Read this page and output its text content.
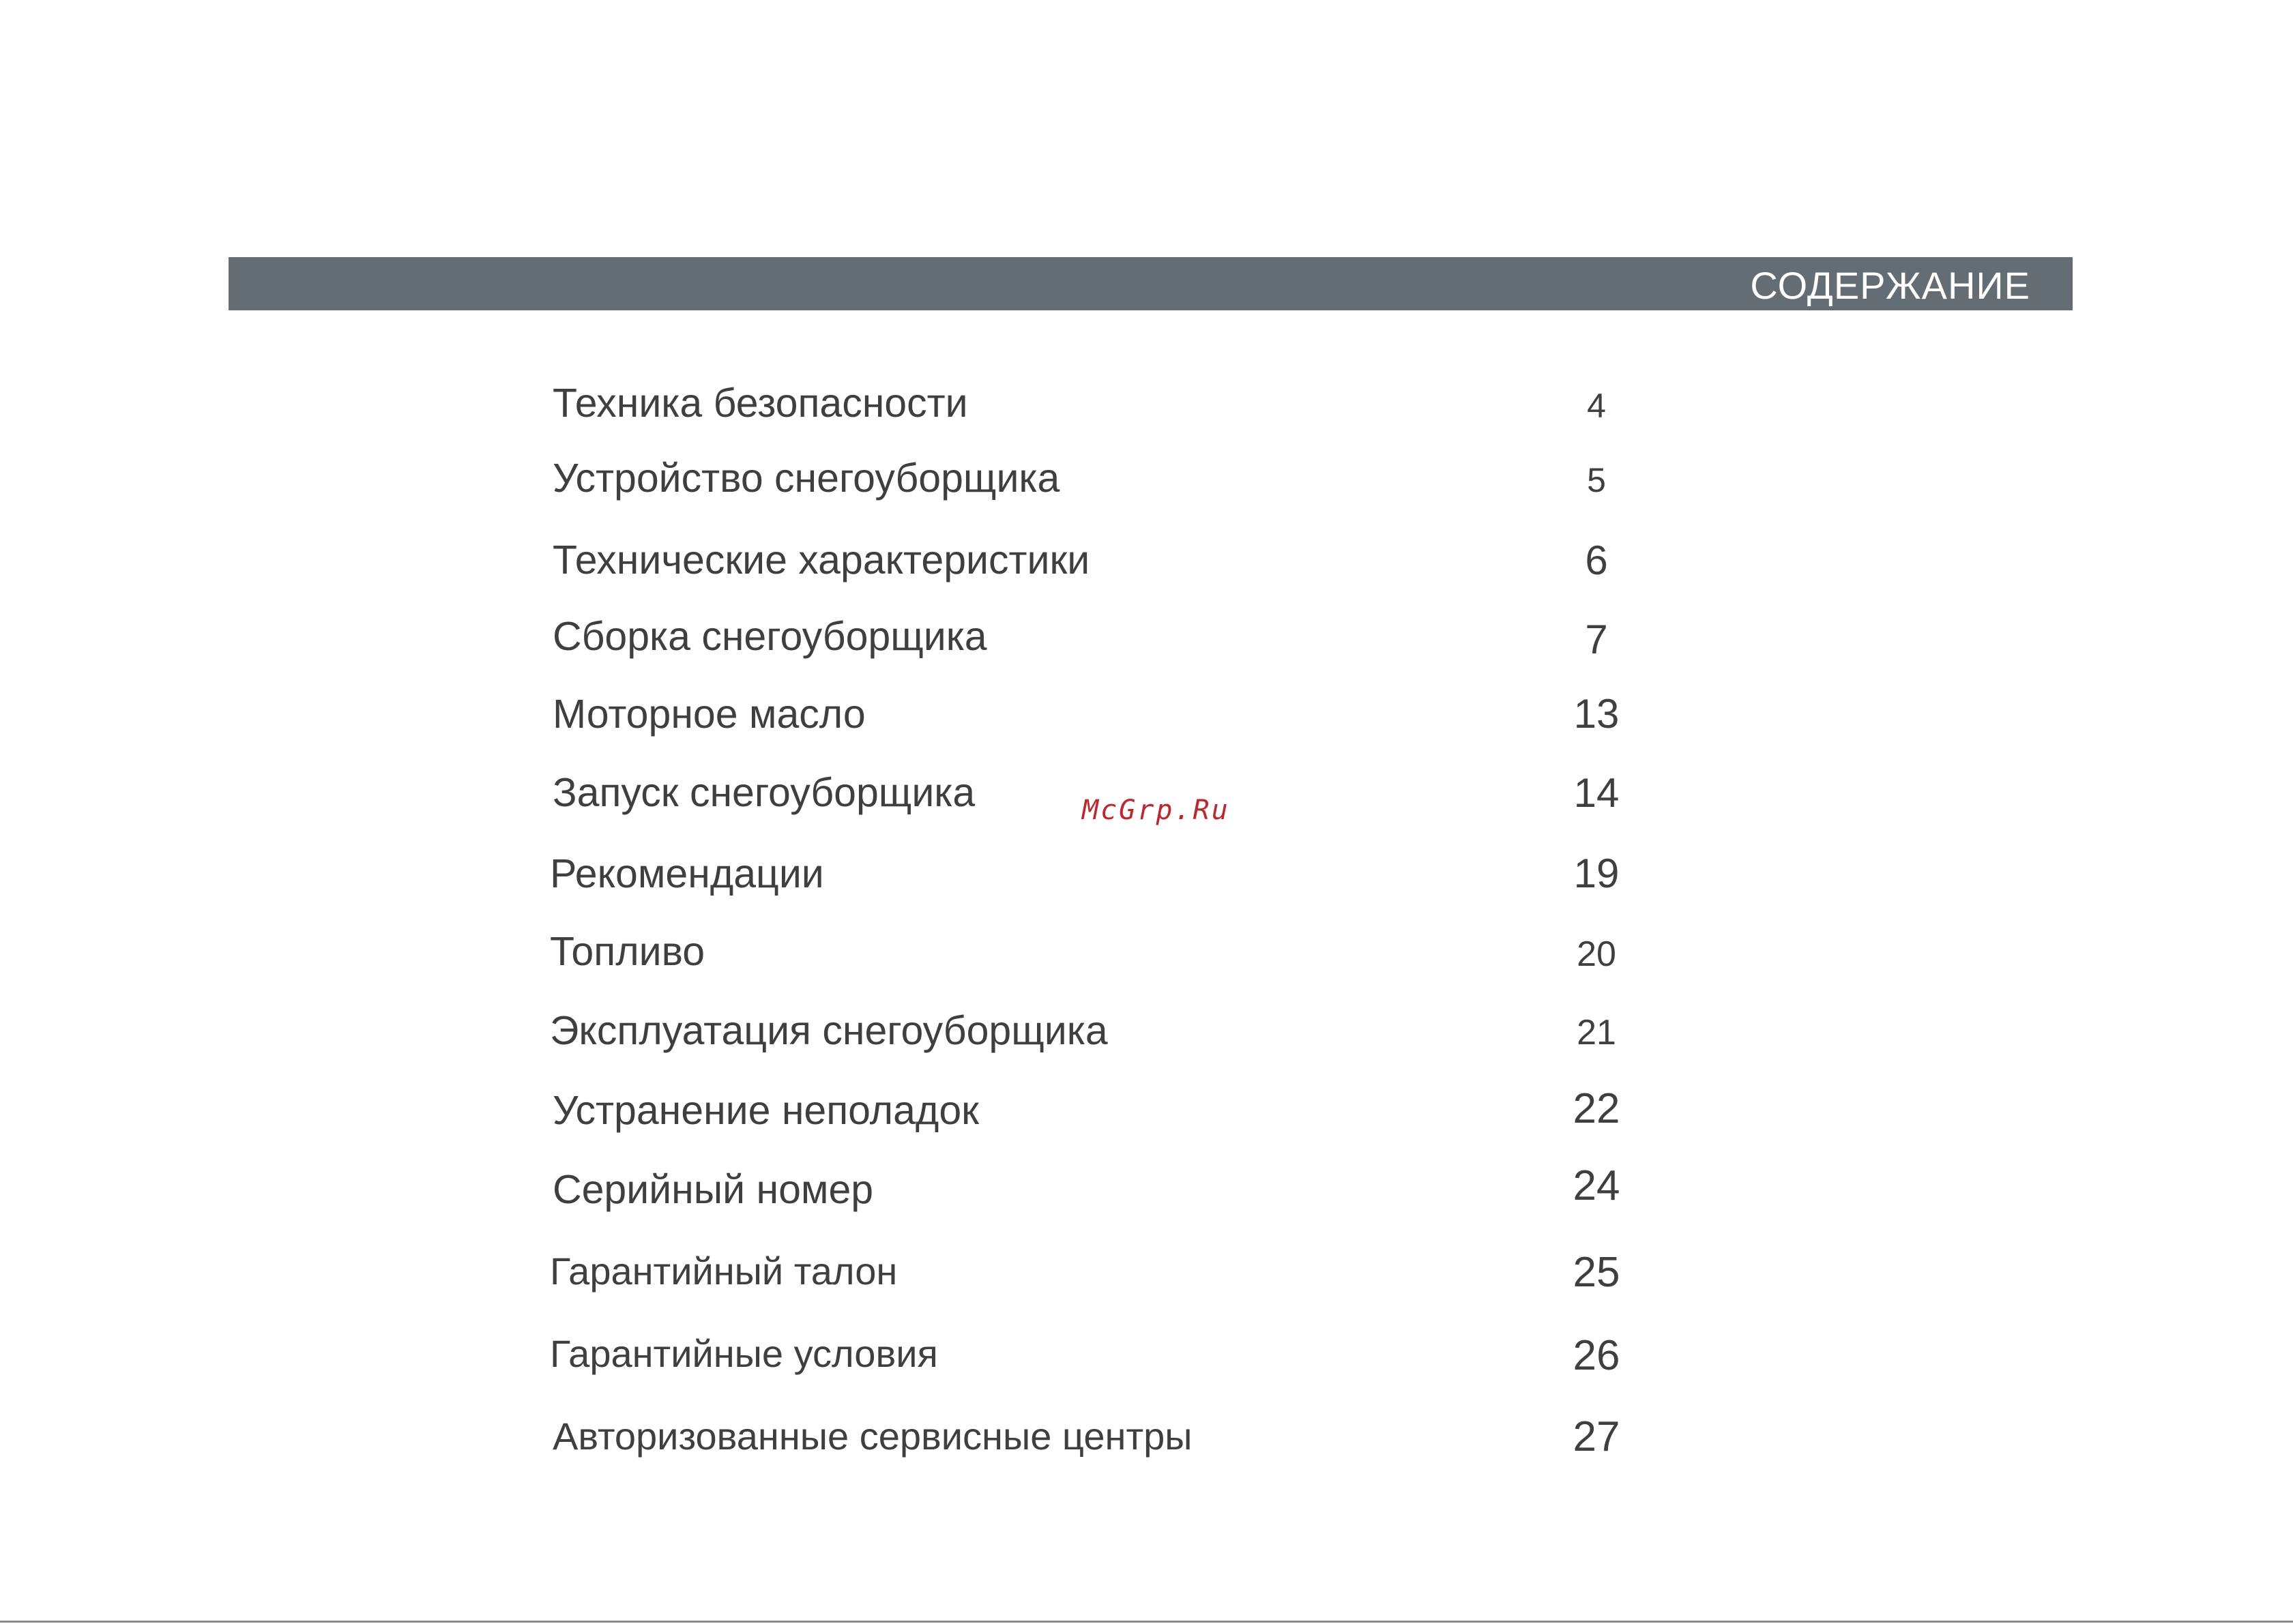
СОДЕРЖАНИЕ
Техника безопасности	4
Устройство снегоуборщика	5
Технические характеристики	6
Сборка снегоуборщика	7
Моторное масло	13
Запуск снегоуборщика	14
Рекомендации	19
Топливо	20
Эксплуатация снегоуборщика	21
Устранение неполадок	22
Серийный номер	24
Гарантийный талон	25
Гарантийные условия	26
Авторизованные сервисные центры	27
McGrp.Ru
